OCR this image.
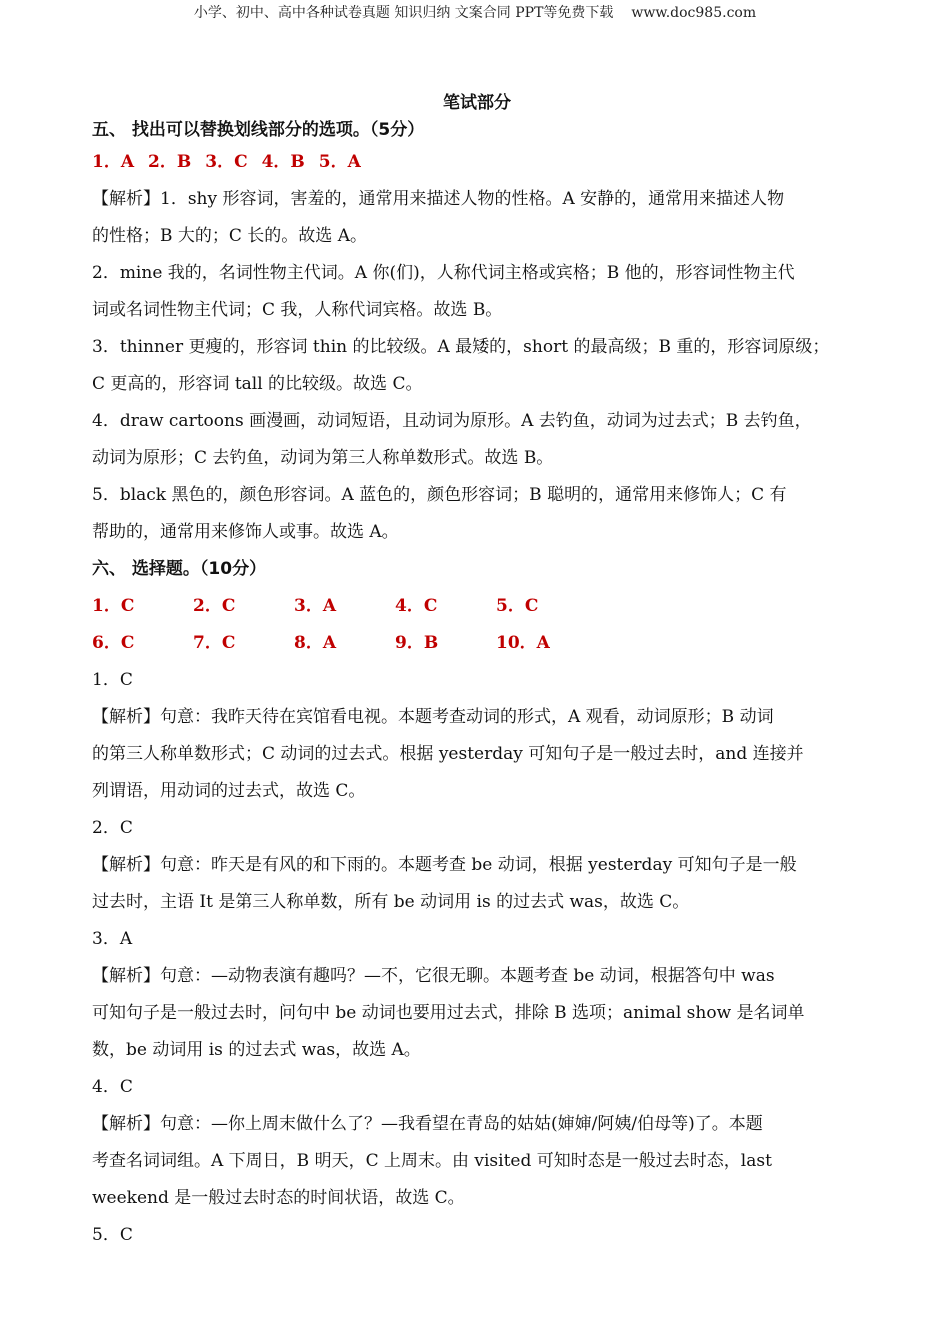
小学、初中、高中各种试卷真题 知识归纳 文案合同 PPT等免费下载 www.doc985.com
笔试部分
五、 找出可以替换划线部分的选项。（5分）
1．A 2．B 3．C 4．B 5．A
【解析】1．shy 形容词，害羞的，通常用来描述人物的性格。A 安静的，通常用来描述人物
的性格；B 大的；C 长的。故选 A。
2．mine 我的，名词性物主代词。A 你(们)，人称代词主格或宾格；B 他的，形容词性物主代
词或名词性物主代词；C 我，人称代词宾格。故选 B。
3．thinner 更瘦的，形容词 thin 的比较级。A 最矮的，short 的最高级；B 重的，形容词原级；
C 更高的，形容词 tall 的比较级。故选 C。
4．draw cartoons 画漫画，动词短语，且动词为原形。A 去钓鱼，动词为过去式；B 去钓鱼，
动词为原形；C 去钓鱼，动词为第三人称单数形式。故选 B。
5．black 黑色的，颜色形容词。A 蓝色的，颜色形容词；B 聪明的，通常用来修饰人；C 有
帮助的，通常用来修饰人或事。故选 A。
六、 选择题。（10分）
1．C	2．C	3．A	4．C	5．C
6．C	7．C	8．A	9．B	10．A
1．C
【解析】句意：我昨天待在宾馆看电视。本题考查动词的形式，A 观看，动词原形；B 动词
的第三人称单数形式；C 动词的过去式。根据 yesterday 可知句子是一般过去时，and 连接并
列谓语，用动词的过去式，故选 C。
2．C
【解析】句意：昨天是有风的和下雨的。本题考查 be 动词，根据 yesterday 可知句子是一般
过去时，主语 It 是第三人称单数，所有 be 动词用 is 的过去式 was，故选 C。
3．A
【解析】句意：—动物表演有趣吗？—不，它很无聊。本题考查 be 动词，根据答句中 was
可知句子是一般过去时，问句中 be 动词也要用过去式，排除 B 选项；animal show 是名词单
数，be 动词用 is 的过去式 was，故选 A。
4．C
【解析】句意：—你上周末做什么了？—我看望在青岛的姑姑(婶婶/阿姨/伯母等)了。本题
考查名词词组。A 下周日，B 明天，C 上周末。由 visited 可知时态是一般过去时态，last
weekend 是一般过去时态的时间状语，故选 C。
5．C
